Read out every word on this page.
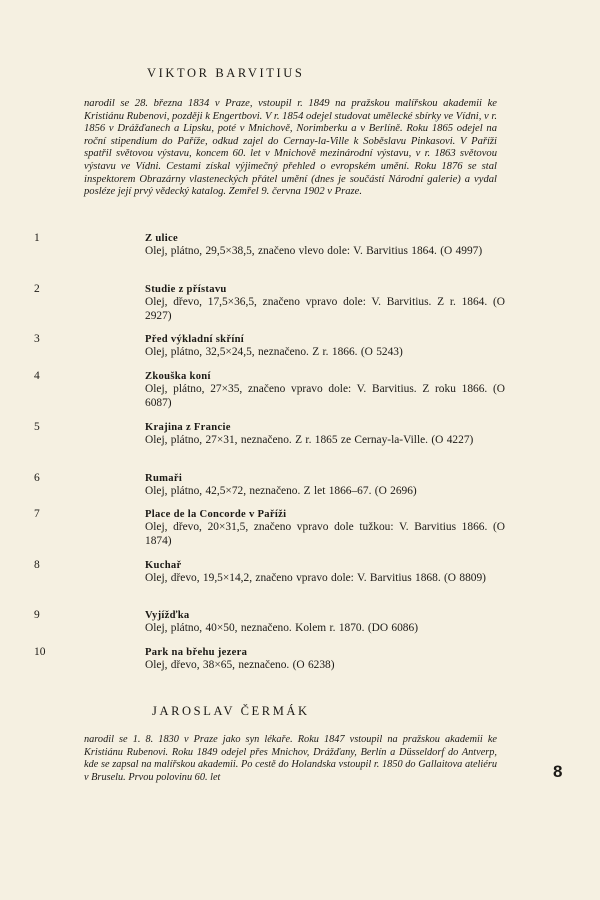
VIKTOR BARVITIUS

narodil se 28. března 1834 v Praze, vstoupil r. 1849 na pražskou malířskou akademii ke Kristiánu Rubenovi, později k Engertbovi. V r. 1854 odejel studovat umělecké sbírky ve Vídni, v r. 1856 v Drážďanech a Lipsku, poté v Mnichově, Norimberku a v Berlíně. Roku 1865 odejel na roční stipendium do Paříže, odkud zajel do Cernay-la-Ville k Soběslavu Pinkasovi. V Paříži spatřil světovou výstavu, koncem 60. let v Mnichově mezinárodní výstavu, v r. 1863 světovou výstavu ve Vídni. Cestami získal výjimečný přehled o evropském umění. Roku 1876 se stal inspektorem Obrazárny vlasteneckých přátel umění (dnes je součástí Národní galerie) a vydal posléze její prvý vědecký katalog. Zemřel 9. června 1902 v Praze.

1	Z ulice
Olej, plátno, 29,5×38,5, značeno vlevo dole: V. Barvitius 1864. (O 4997)
2	Studie z přístavu
Olej, dřevo, 17,5×36,5, značeno vpravo dole: V. Barvitius. Z r. 1864. (O 2927)
3	Před výkladní skříní
Olej, plátno, 32,5×24,5, neznačeno. Z r. 1866. (O 5243)
4	Zkouška koní
Olej, plátno, 27×35, značeno vpravo dole: V. Barvitius. Z roku 1866. (O 6087)
5	Krajina z Francie
Olej, plátno, 27×31, neznačeno. Z r. 1865 ze Cernay-la-Ville. (O 4227)
6	Rumaři
Olej, plátno, 42,5×72, neznačeno. Z let 1866–67. (O 2696)
7	Place de la Concorde v Paříži
Olej, dřevo, 20×31,5, značeno vpravo dole tužkou: V. Barvitius 1866. (O 1874)
8	Kuchař
Olej, dřevo, 19,5×14,2, značeno vpravo dole: V. Barvitius 1868. (O 8809)
9	Vyjížďka
Olej, plátno, 40×50, neznačeno. Kolem r. 1870. (DO 6086)
10	Park na břehu jezera
Olej, dřevo, 38×65, neznačeno. (O 6238)
JAROSLAV ČERMÁK

narodil se 1. 8. 1830 v Praze jako syn lékaře. Roku 1847 vstoupil na pražskou akademii ke Kristiánu Rubenovi. Roku 1849 odejel přes Mnichov, Drážďany, Berlín a Düsseldorf do Antverp, kde se zapsal na malířskou akademii. Po cestě do Holandska vstoupil r. 1850 do Gallaitova ateliéru v Bruselu. Prvou polovinu 60. let	8
